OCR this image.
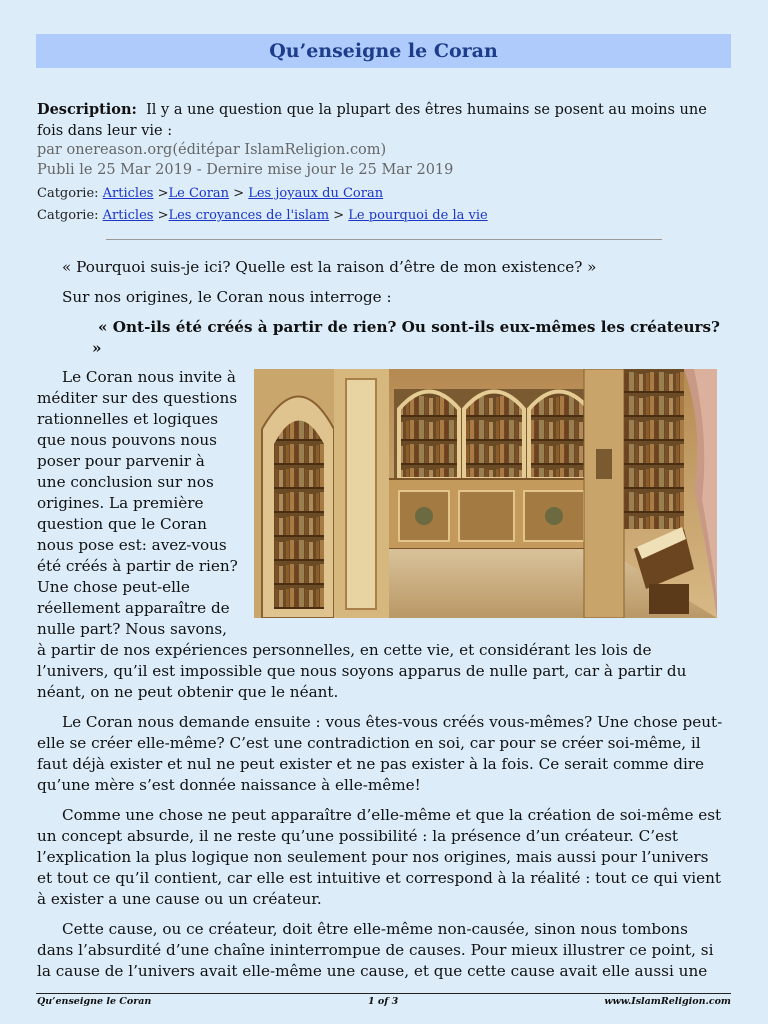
Qu’enseigne le Coran
Description: Il y a une question que la plupart des êtres humains se posent au moins une fois dans leur vie :
par onereason.org(éditépar IslamReligion.com)
Publi le 25 Mar 2019 - Dernire mise jour le 25 Mar 2019
Catgorie: Articles >Le Coran > Les joyaux du Coran
Catgorie: Articles >Les croyances de l'islam > Le pourquoi de la vie

« Pourquoi suis-je ici? Quelle est la raison d’être de mon existence? »

Sur nos origines, le Coran nous interroge :

« Ont-ils été créés à partir de rien? Ou sont-ils eux-mêmes les créateurs? »

Le Coran nous invite à méditer sur des questions rationnelles et logiques que nous pouvons nous poser pour parvenir à une conclusion sur nos origines. La première question que le Coran nous pose est: avez-vous été créés à partir de rien? Une chose peut-elle réellement apparaître de nulle part? Nous savons, à partir de nos expériences personnelles, en cette vie, et considérant les lois de l’univers, qu’il est impossible que nous soyons apparus de nulle part, car à partir du néant, on ne peut obtenir que le néant.

Le Coran nous demande ensuite : vous êtes-vous créés vous-mêmes? Une chose peut-elle se créer elle-même? C’est une contradiction en soi, car pour se créer soi-même, il faut déjà exister et nul ne peut exister et ne pas exister à la fois. Ce serait comme dire qu’une mère s’est donnée naissance à elle-même!

Comme une chose ne peut apparaître d’elle-même et que la création de soi-même est un concept absurde, il ne reste qu’une possibilité : la présence d’un créateur. C’est l’explication la plus logique non seulement pour nos origines, mais aussi pour l’univers et tout ce qu’il contient, car elle est intuitive et correspond à la réalité : tout ce qui vient à exister a une cause ou un créateur.

Cette cause, ou ce créateur, doit être elle-même non-causée, sinon nous tombons dans l’absurdité d’une chaîne ininterrompue de causes. Pour mieux illustrer ce point, si la cause de l’univers avait elle-même une cause, et que cette cause avait elle aussi une

Qu’enseigne le Coran	1 of 3	www.IslamReligion.com
